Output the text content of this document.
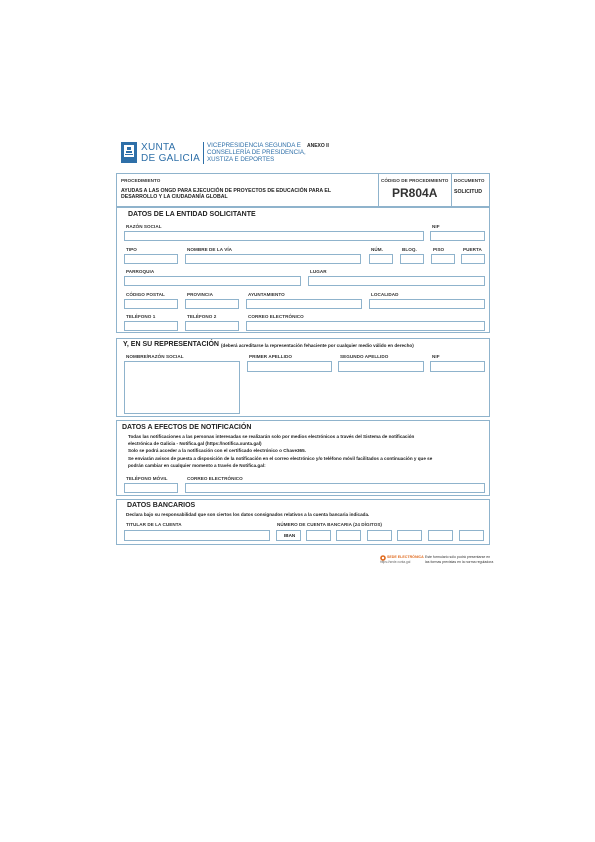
XUNTA
DE GALICIA
VICEPRESIDENCIA SEGUNDA E
CONSELLERÍA DE PRESIDENCIA,
XUSTIZA E DEPORTES
ANEXO II
PROCEDIMIENTO
AYUDAS A LAS ONGD PARA EJECUCIÓN DE PROYECTOS DE EDUCACIÓN PARA EL
DESARROLLO Y LA CIUDADANÍA GLOBAL
CÓDIGO DE PROCEDIMIENTO
PR804A
DOCUMENTO
SOLICITUD
DATOS DE LA ENTIDAD SOLICITANTE
RAZÓN SOCIAL	NIF
TIPO	NOMBRE DE LA VÍA	NÚM.	BLOQ.	PISO	PUERTA
PARROQUIA	LUGAR
CÓDIGO POSTAL	PROVINCIA	AYUNTAMIENTO	LOCALIDAD
TELÉFONO 1	TELÉFONO 2	CORREO ELECTRÓNICO
Y, EN SU REPRESENTACIÓN (deberá acreditarse la representación fehaciente por cualquier medio válido en derecho)
NOMBRE/RAZÓN SOCIAL	PRIMER APELLIDO	SEGUNDO APELLIDO	NIF
DATOS A EFECTOS DE NOTIFICACIÓN
Todas las notificaciones a las personas interesadas se realizarán solo por medios electrónicos a través del Sistema de notificación
electrónica de Galicia - Notifica.gal (https://notifica.xunta.gal)
Solo se podrá acceder a la notificación con el certificado electrónico o Chave365.
Se enviarán avisos de puesta a disposición de la notificación en el correo electrónico y/o teléfono móvil facilitados a continuación y que se
podrán cambiar en cualquier momento a través de Notifica.gal:
TELÉFONO MÓVIL	CORREO ELECTRÓNICO
DATOS BANCARIOS
Declara bajo su responsabilidad que son ciertos los datos consignados relativos a la cuenta bancaria indicada.
TITULAR DE LA CUENTA	NÚMERO DE CUENTA BANCARIA (24 DÍGITOS)
IBAN
SEDE ELECTRÓNICA
https://sede.xunta.gal
Este formulario sólo podrá presentarse en
las formas previstas en la norma reguladora
